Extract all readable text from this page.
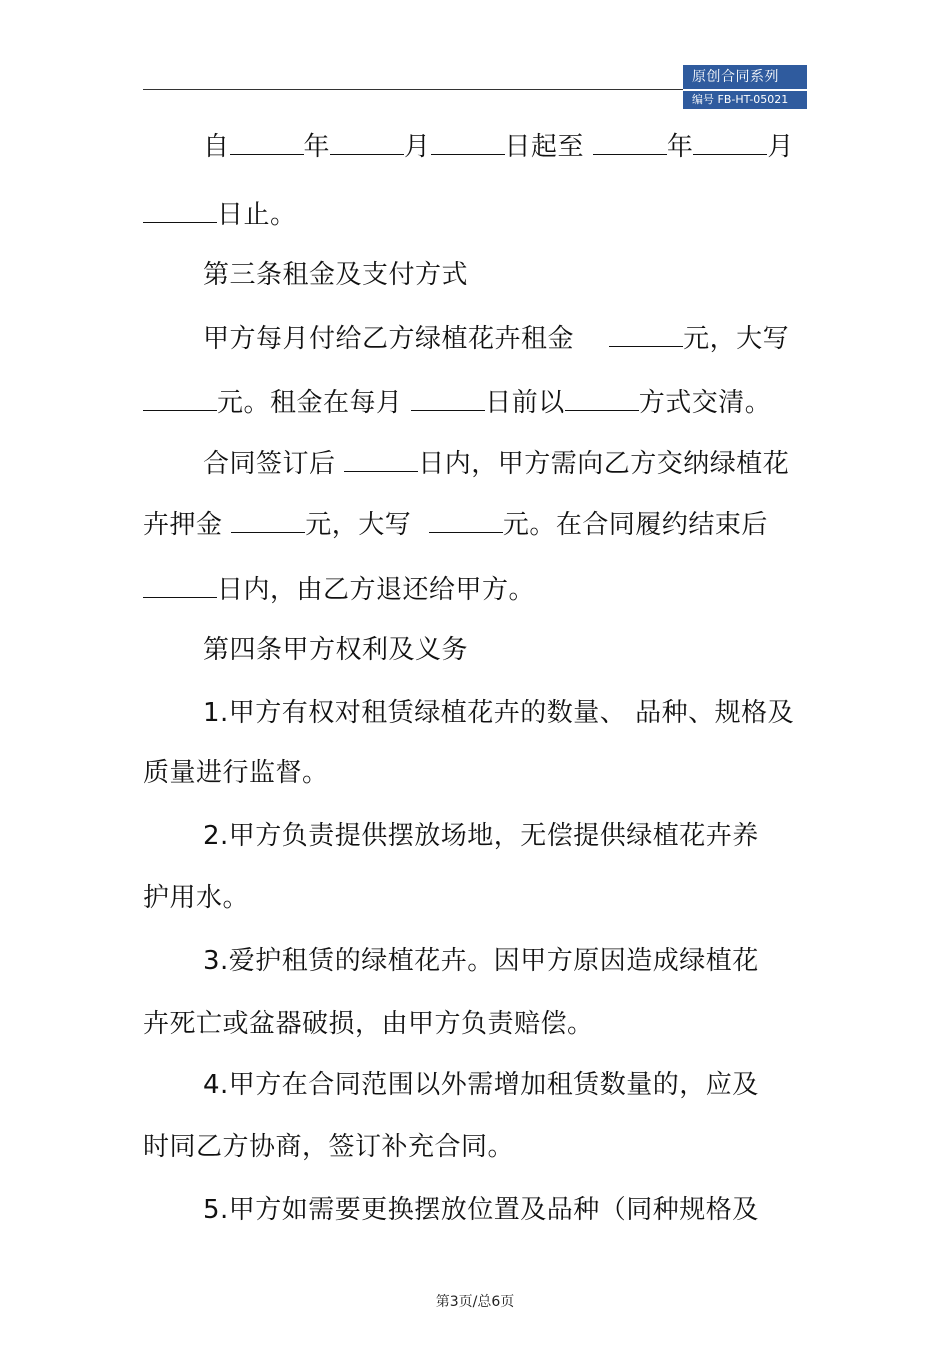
原创合同系列
编号 FB-HT-05021
自	年	月	日起至	年	月
日止。
第三条租金及支付方式
甲方每月付给乙方绿植花卉租金	元，大写
元。租金在每月	日前以	方式交清。
合同签订后	日内，甲方需向乙方交纳绿植花
卉押金	元，大写	元。在合同履约结束后
日内，由乙方退还给甲方。
第四条甲方权利及义务
1.甲方有权对租赁绿植花卉的数量、 品种、规格及
质量进行监督。
2.甲方负责提供摆放场地，无偿提供绿植花卉养
护用水。
3.爱护租赁的绿植花卉。因甲方原因造成绿植花
卉死亡或盆器破损，由甲方负责赔偿。
4.甲方在合同范围以外需增加租赁数量的，应及
时同乙方协商，签订补充合同。
5.甲方如需要更换摆放位置及品种（同种规格及
第3页/总6页
